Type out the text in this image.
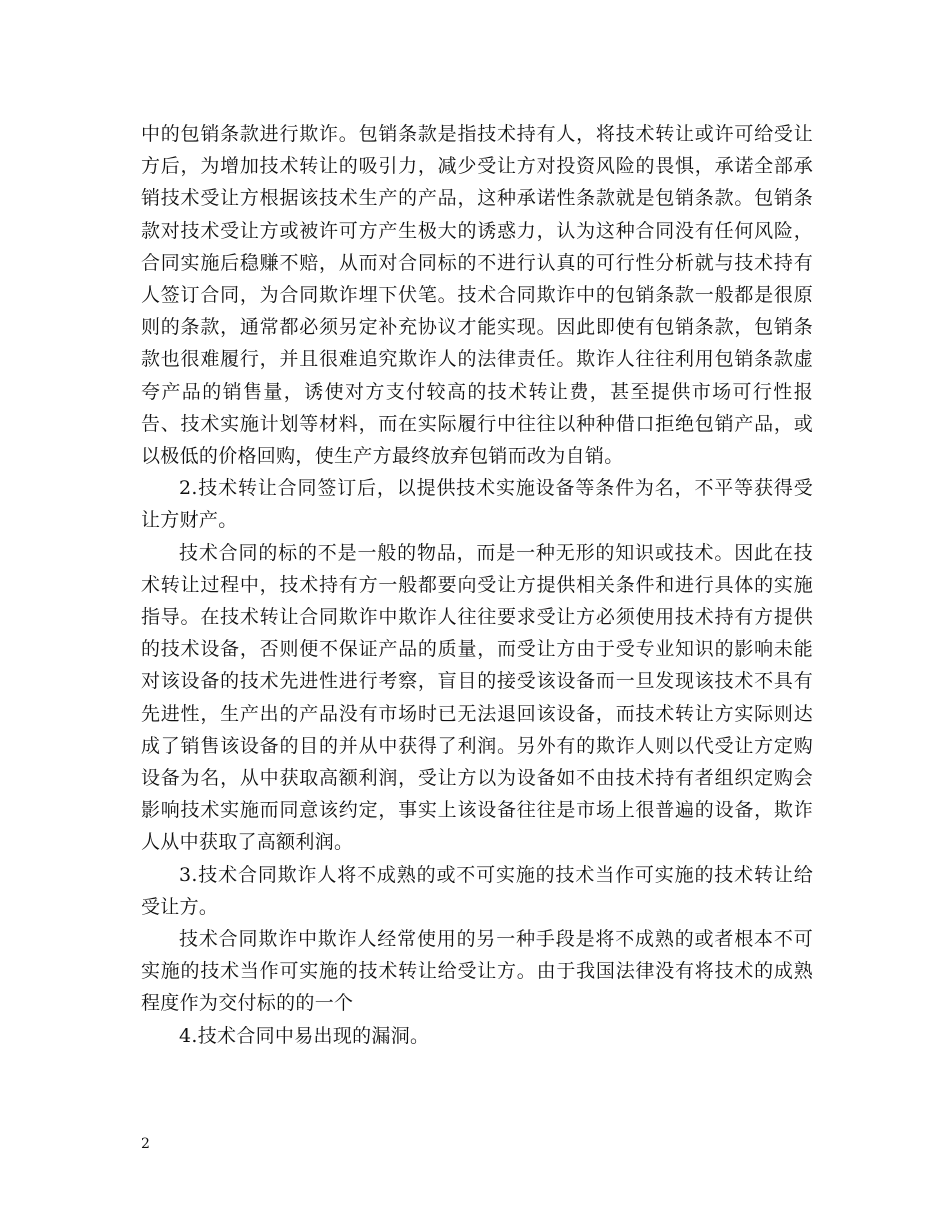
中的包销条款进行欺诈。包销条款是指技术持有人，将技术转让或许可给受让方后，为增加技术转让的吸引力，减少受让方对投资风险的畏惧，承诺全部承销技术受让方根据该技术生产的产品，这种承诺性条款就是包销条款。包销条款对技术受让方或被许可方产生极大的诱惑力，认为这种合同没有任何风险，合同实施后稳赚不赔，从而对合同标的不进行认真的可行性分析就与技术持有人签订合同，为合同欺诈埋下伏笔。技术合同欺诈中的包销条款一般都是很原则的条款，通常都必须另定补充协议才能实现。因此即使有包销条款，包销条款也很难履行，并且很难追究欺诈人的法律责任。欺诈人往往利用包销条款虚夸产品的销售量，诱使对方支付较高的技术转让费，甚至提供市场可行性报告、技术实施计划等材料，而在实际履行中往往以种种借口拒绝包销产品，或以极低的价格回购，使生产方最终放弃包销而改为自销。

2.技术转让合同签订后，以提供技术实施设备等条件为名，不平等获得受让方财产。

技术合同的标的不是一般的物品，而是一种无形的知识或技术。因此在技术转让过程中，技术持有方一般都要向受让方提供相关条件和进行具体的实施指导。在技术转让合同欺诈中欺诈人往往要求受让方必须使用技术持有方提供的技术设备，否则便不保证产品的质量，而受让方由于受专业知识的影响未能对该设备的技术先进性进行考察，盲目的接受该设备而一旦发现该技术不具有先进性，生产出的产品没有市场时已无法退回该设备，而技术转让方实际则达成了销售该设备的目的并从中获得了利润。另外有的欺诈人则以代受让方定购设备为名，从中获取高额利润，受让方以为设备如不由技术持有者组织定购会影响技术实施而同意该约定，事实上该设备往往是市场上很普遍的设备，欺诈人从中获取了高额利润。

3.技术合同欺诈人将不成熟的或不可实施的技术当作可实施的技术转让给受让方。

技术合同欺诈中欺诈人经常使用的另一种手段是将不成熟的或者根本不可实施的技术当作可实施的技术转让给受让方。由于我国法律没有将技术的成熟程度作为交付标的的一个

4.技术合同中易出现的漏洞。

2
